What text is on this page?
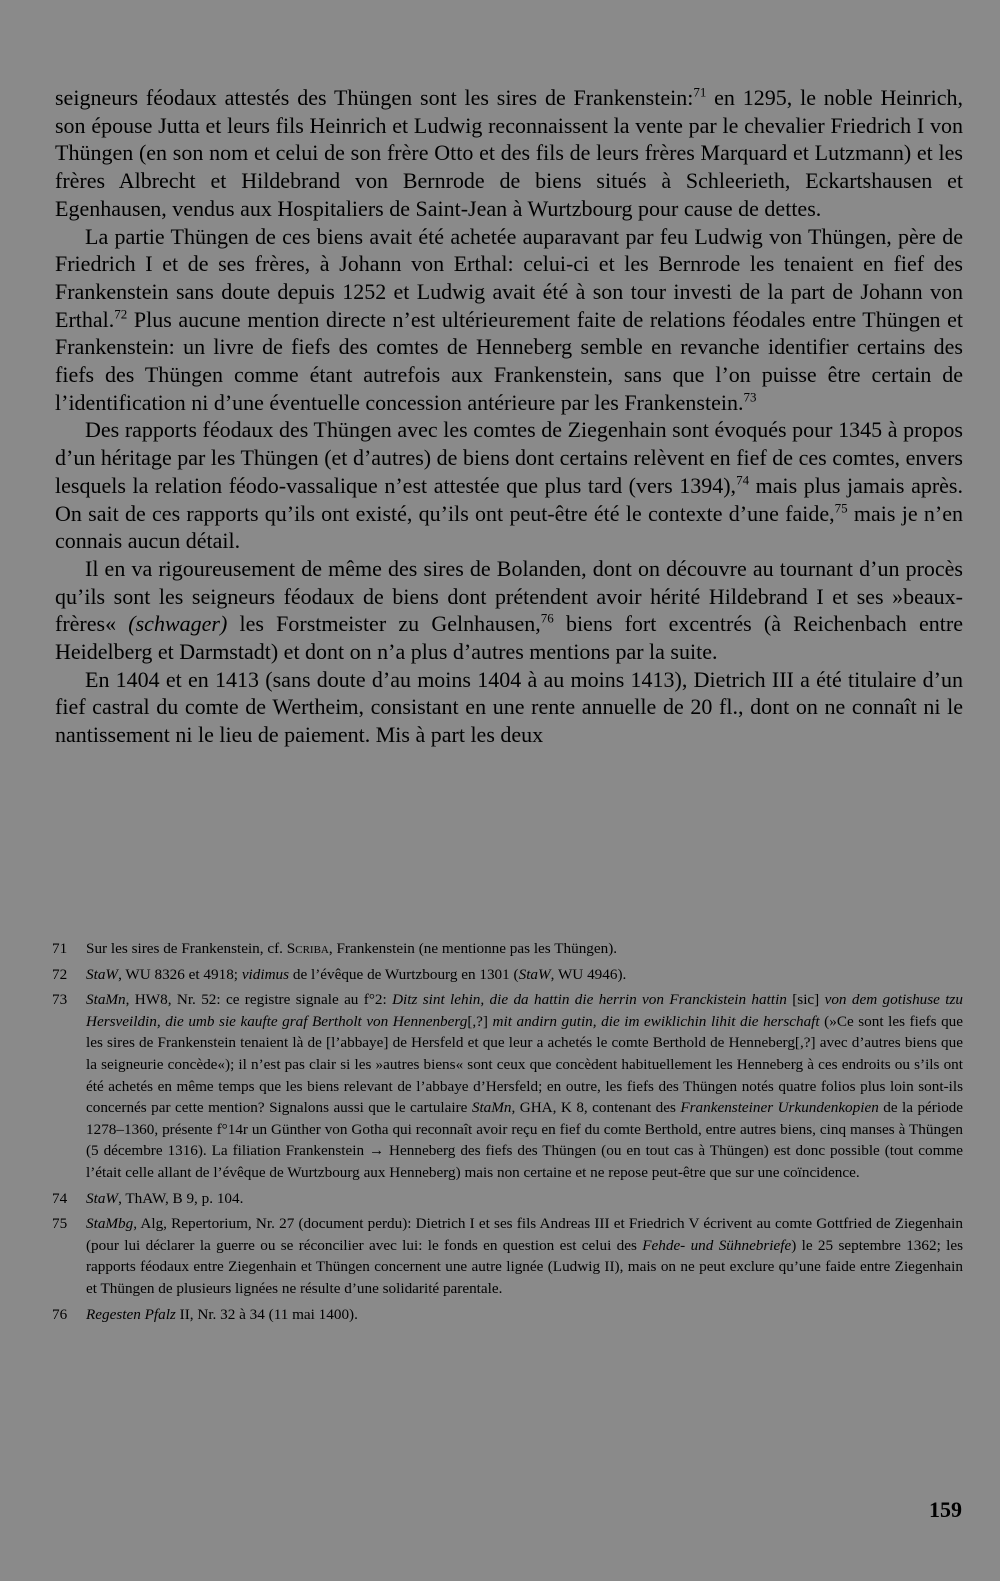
seigneurs féodaux attestés des Thüngen sont les sires de Frankenstein:$^{71}$ en 1295, le noble Heinrich, son épouse Jutta et leurs fils Heinrich et Ludwig reconnaissent la vente par le chevalier Friedrich I von Thüngen (en son nom et celui de son frère Otto et des fils de leurs frères Marquard et Lutzmann) et les frères Albrecht et Hildebrand von Bernrode de biens situés à Schleerieth, Eckartshausen et Egenhausen, vendus aux Hospitaliers de Saint-Jean à Wurtzbourg pour cause de dettes.

La partie Thüngen de ces biens avait été achetée auparavant par feu Ludwig von Thüngen, père de Friedrich I et de ses frères, à Johann von Erthal: celui-ci et les Bernrode les tenaient en fief des Frankenstein sans doute depuis 1252 et Ludwig avait été à son tour investi de la part de Johann von Erthal.$^{72}$ Plus aucune mention directe n’est ultérieurement faite de relations féodales entre Thüngen et Frankenstein: un livre de fiefs des comtes de Henneberg semble en revanche identifier certains des fiefs des Thüngen comme étant autrefois aux Frankenstein, sans que l’on puisse être certain de l’identification ni d’une éventuelle concession antérieure par les Frankenstein.$^{73}$

Des rapports féodaux des Thüngen avec les comtes de Ziegenhain sont évoqués pour 1345 à propos d’un héritage par les Thüngen (et d’autres) de biens dont certains relèvent en fief de ces comtes, envers lesquels la relation féodo-vassalique n’est attestée que plus tard (vers 1394),$^{74}$ mais plus jamais après. On sait de ces rapports qu’ils ont existé, qu’ils ont peut-être été le contexte d’une faide,$^{75}$ mais je n’en connais aucun détail.

Il en va rigoureusement de même des sires de Bolanden, dont on découvre au tournant d’un procès qu’ils sont les seigneurs féodaux de biens dont prétendent avoir hérité Hildebrand I et ses »beaux-frères« (schwager) les Forstmeister zu Gelnhausen,$^{76}$ biens fort excentrés (à Reichenbach entre Heidelberg et Darmstadt) et dont on n’a plus d’autres mentions par la suite.

En 1404 et en 1413 (sans doute d’au moins 1404 à au moins 1413), Dietrich III a été titulaire d’un fief castral du comte de Wertheim, consistant en une rente annuelle de 20 fl., dont on ne connaît ni le nantissement ni le lieu de paiement. Mis à part les deux

71	Sur les sires de Frankenstein, cf. Scriba, Frankenstein (ne mentionne pas les Thüngen).
72	StaW, WU 8326 et 4918; vidimus de l’évêque de Wurtzbourg en 1301 (StaW, WU 4946).
73	StaMn, HW8, Nr. 52: ce registre signale au f°2: Ditz sint lehin, die da hattin die herrin von Franckistein hattin [sic] von dem gotishuse tzu Hersveildin, die umb sie kaufte graf Bertholt von Hennenberg[,?] mit andirn gutin, die im ewiklichin lihit die herschaft (»Ce sont les fiefs que les sires de Frankenstein tenaient là de [l’abbaye] de Hersfeld et que leur a achetés le comte Berthold de Henneberg[,?] avec d’autres biens que la seigneurie concède«); il n’est pas clair si les »autres biens« sont ceux que concèdent habituellement les Henneberg à ces endroits ou s’ils ont été achetés en même temps que les biens relevant de l’abbaye d’Hersfeld; en outre, les fiefs des Thüngen notés quatre folios plus loin sont-ils concernés par cette mention? Signalons aussi que le cartulaire StaMn, GHA, K 8, contenant des Frankensteiner Urkundenkopien de la période 1278–1360, présente f°14r un Günther von Gotha qui reconnaît avoir reçu en fief du comte Berthold, entre autres biens, cinq manses à Thüngen (5 décembre 1316). La filiation Frankenstein → Henneberg des fiefs des Thüngen (ou en tout cas à Thüngen) est donc possible (tout comme l’était celle allant de l’évêque de Wurtzbourg aux Henneberg) mais non certaine et ne repose peut-être que sur une coïncidence.
74	StaW, ThAW, B 9, p. 104.
75	StaMbg, Alg, Repertorium, Nr. 27 (document perdu): Dietrich I et ses fils Andreas III et Friedrich V écrivent au comte Gottfried de Ziegenhain (pour lui déclarer la guerre ou se réconcilier avec lui: le fonds en question est celui des Fehde- und Sühnebriefe) le 25 septembre 1362; les rapports féodaux entre Ziegenhain et Thüngen concernent une autre lignée (Ludwig II), mais on ne peut exclure qu’une faide entre Ziegenhain et Thüngen de plusieurs lignées ne résulte d’une solidarité parentale.
76	Regesten Pfalz II, Nr. 32 à 34 (11 mai 1400).
159
